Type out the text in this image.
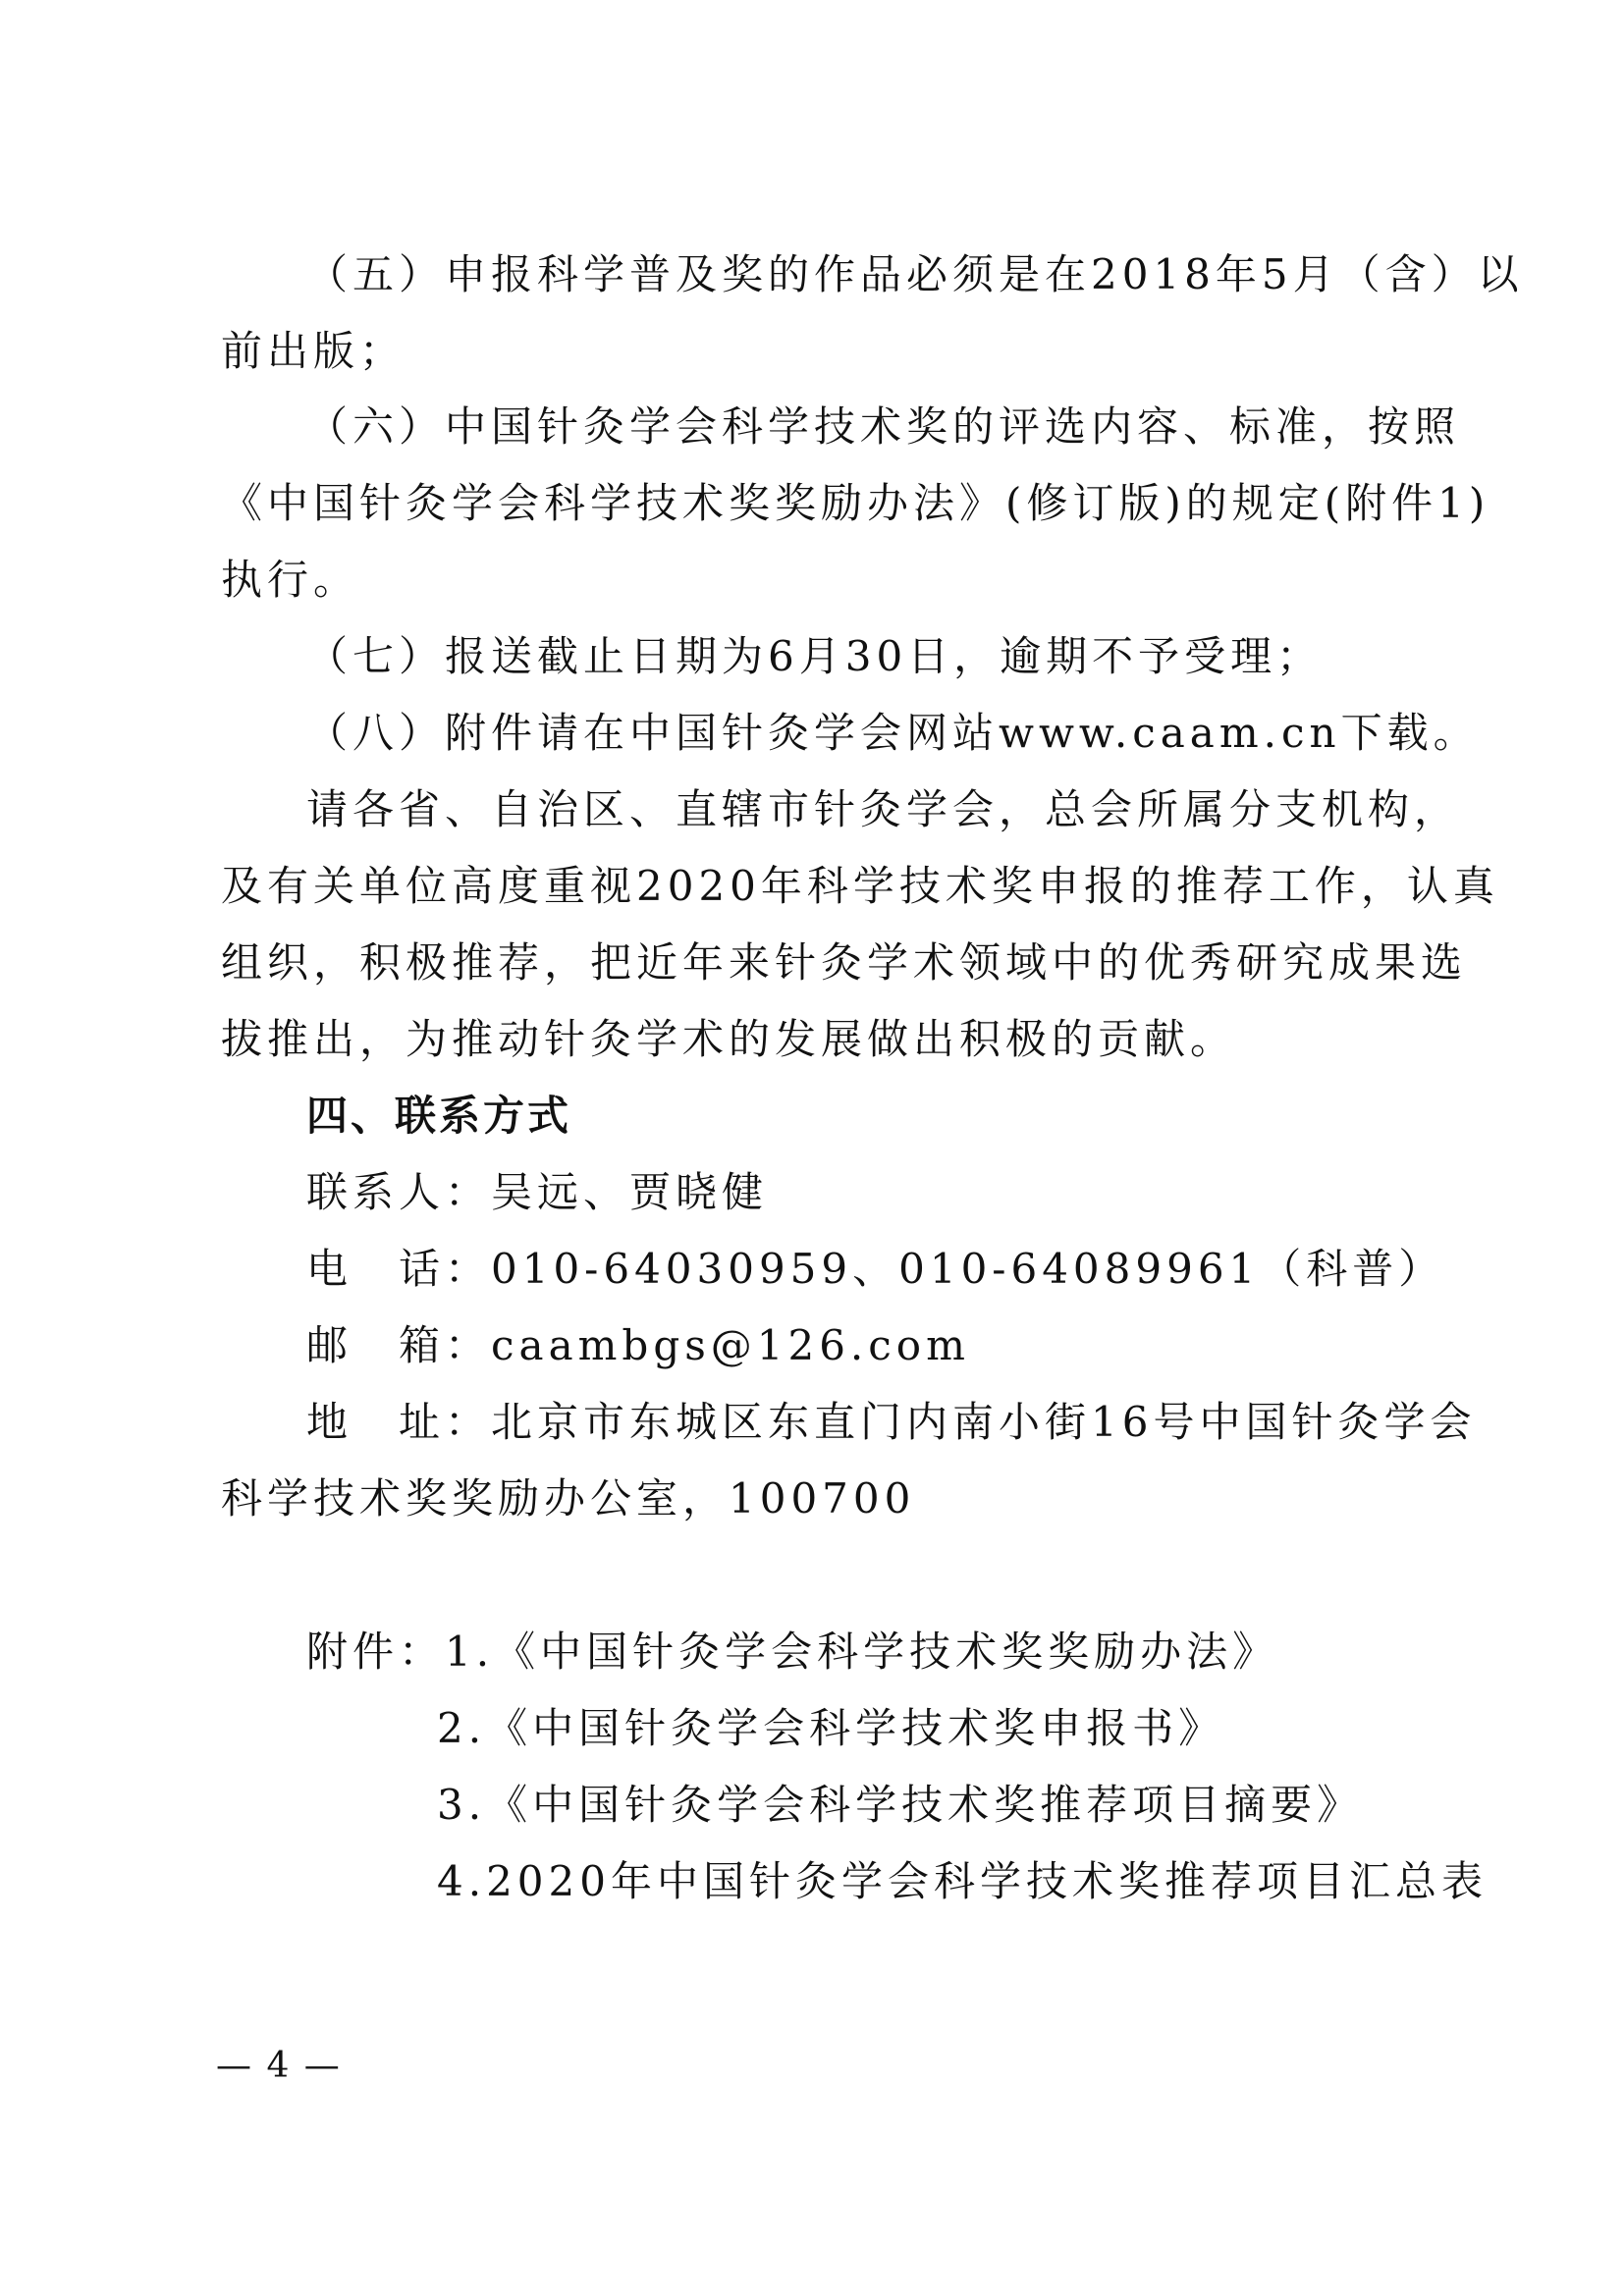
（五）申报科学普及奖的作品必须是在2018年5月（含）以
前出版；
（六）中国针灸学会科学技术奖的评选内容、标准，按照
《中国针灸学会科学技术奖奖励办法》(修订版)的规定(附件1)
执行。
（七）报送截止日期为6月30日，逾期不予受理；
（八）附件请在中国针灸学会网站www.caam.cn下载。
请各省、自治区、直辖市针灸学会，总会所属分支机构，
及有关单位高度重视2020年科学技术奖申报的推荐工作，认真
组织，积极推荐，把近年来针灸学术领域中的优秀研究成果选
拔推出，为推动针灸学术的发展做出积极的贡献。
四、联系方式
联系人：吴远、贾晓健
电　话：010-64030959、010-64089961（科普）
邮　箱：caambgs@126.com
地　址：北京市东城区东直门内南小街16号中国针灸学会
科学技术奖奖励办公室，100700
附件：1.《中国针灸学会科学技术奖奖励办法》
2.《中国针灸学会科学技术奖申报书》
3.《中国针灸学会科学技术奖推荐项目摘要》
4.2020年中国针灸学会科学技术奖推荐项目汇总表
— 4 —
